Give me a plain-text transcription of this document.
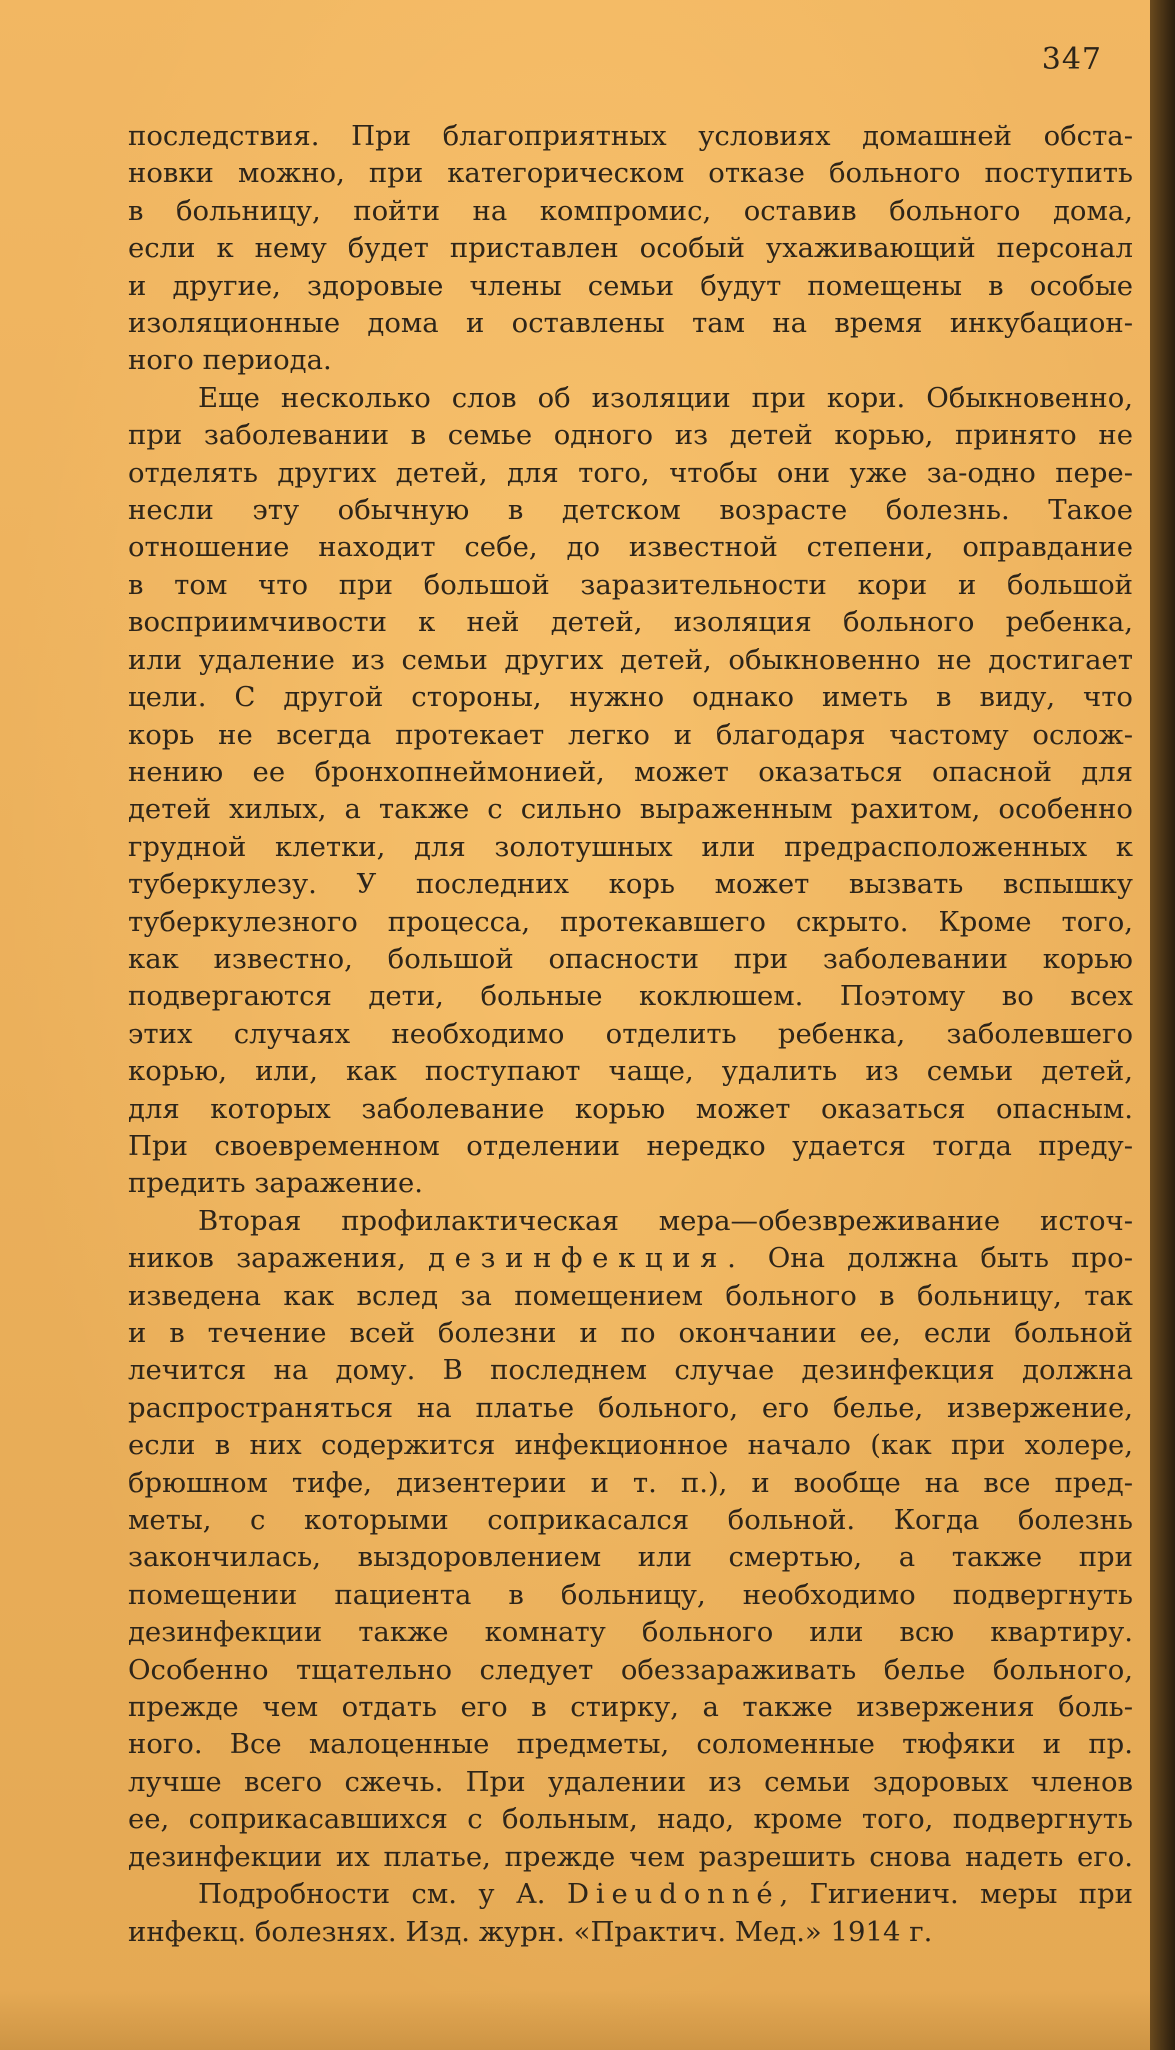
347
последствия. При благоприятных условиях домашней обста-
новки можно, при категорическом отказе больного поступить
в больницу, пойти на компромис, оставив больного дома,
если к нему будет приставлен особый ухаживающий персонал
и другие, здоровые члены семьи будут помещены в особые
изоляционные дома и оставлены там на время инкубацион-
ного периода.
Еще несколько слов об изоляции при кори. Обыкновенно,
при заболевании в семье одного из детей корью, принято не
отделять других детей, для того, чтобы они уже за-одно пере-
несли эту обычную в детском возрасте болезнь. Такое
отношение находит себе, до известной степени, оправдание
в том что при большой заразительности кори и большой
восприимчивости к ней детей, изоляция больного ребенка,
или удаление из семьи других детей, обыкновенно не достигает
цели. С другой стороны, нужно однако иметь в виду, что
корь не всегда протекает легко и благодаря частому ослож-
нению ее бронхопнеймонией, может оказаться опасной для
детей хилых, а также с сильно выраженным рахитом, особенно
грудной клетки, для золотушных или предрасположенных к
туберкулезу. У последних корь может вызвать вспышку
туберкулезного процесса, протекавшего скрыто. Кроме того,
как известно, большой опасности при заболевании корью
подвергаются дети, больные коклюшем. Поэтому во всех
этих случаях необходимо отделить ребенка, заболевшего
корью, или, как поступают чаще, удалить из семьи детей,
для которых заболевание корью может оказаться опасным.
При своевременном отделении нередко удается тогда преду-
предить заражение.
Вторая профилактическая мера—обезвреживание источ-
ников заражения, дезинфекция. Она должна быть про-
изведена как вслед за помещением больного в больницу, так
и в течение всей болезни и по окончании ее, если больной
лечится на дому. В последнем случае дезинфекция должна
распространяться на платье больного, его белье, извержение,
если в них содержится инфекционное начало (как при холере,
брюшном тифе, дизентерии и т. п.), и вообще на все пред-
меты, с которыми соприкасался больной. Когда болезнь
закончилась, выздоровлением или смертью, а также при
помещении пациента в больницу, необходимо подвергнуть
дезинфекции также комнату больного или всю квартиру.
Особенно тщательно следует обеззараживать белье больного,
прежде чем отдать его в стирку, а также извержения боль-
ного. Все малоценные предметы, соломенные тюфяки и пр.
лучше всего сжечь. При удалении из семьи здоровых членов
ее, соприкасавшихся с больным, надо, кроме того, подвергнуть
дезинфекции их платье, прежде чем разрешить снова надеть его.
Подробности см. у А. Dieudonné, Гигиенич. меры при
инфекц. болезнях. Изд. журн. «Практич. Мед.» 1914 г.
